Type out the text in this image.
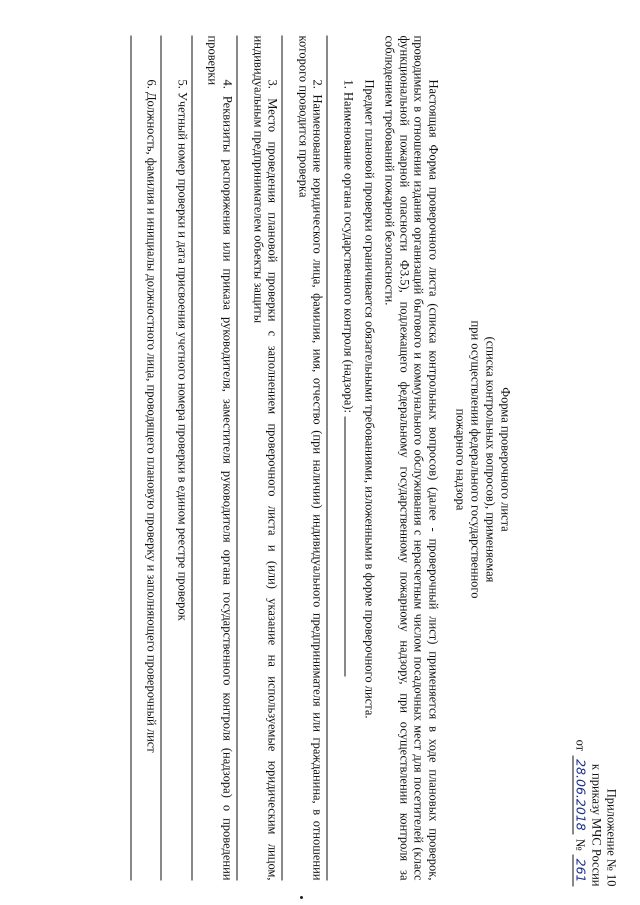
Приложение № 10
к приказу МЧС России
от
28.06.2018
№
261
Форма проверочного листа
(списка контрольных вопросов), применяемая
при осуществлении федерального государственного
пожарного надзора

Настоящая Форма проверочного листа (списка контрольных вопросов) (далее - проверочный лист) применяется в ходе плановых проверок, проводимых в отношении издания организаций бытового и коммунального обслуживания с нерасчетным числом посадочных мест для посетителей (класс функциональной пожарной опасности Ф3.5), подлежащего федеральному государственному пожарному надзору, при осуществлении контроля за соблюдением требований пожарной безопасности.

Предмет плановой проверки ограничивается обязательными требованиями, изложенными в форме проверочного листа.

1. Наименование органа государственного контроля (надзора):

2. Наименование юридического лица, фамилия, имя, отчество (при наличии) индивидуального предпринимателя или гражданина, в отношении которого проводится проверка

3. Место проведения плановой проверки с заполнением проверочного листа и (или) указание на используемые юридическим лицом, индивидуальным предпринимателем объекты защиты

4. Реквизиты распоряжения или приказа руководителя, заместителя руководителя органа государственного контроля (надзора) о проведении проверки

5. Учетный номер проверки и дата присвоения учетного номера проверки в едином реестре проверок

6. Должность, фамилия и инициалы должностного лица, проводящего плановую проверку и заполняющего проверочный лист
